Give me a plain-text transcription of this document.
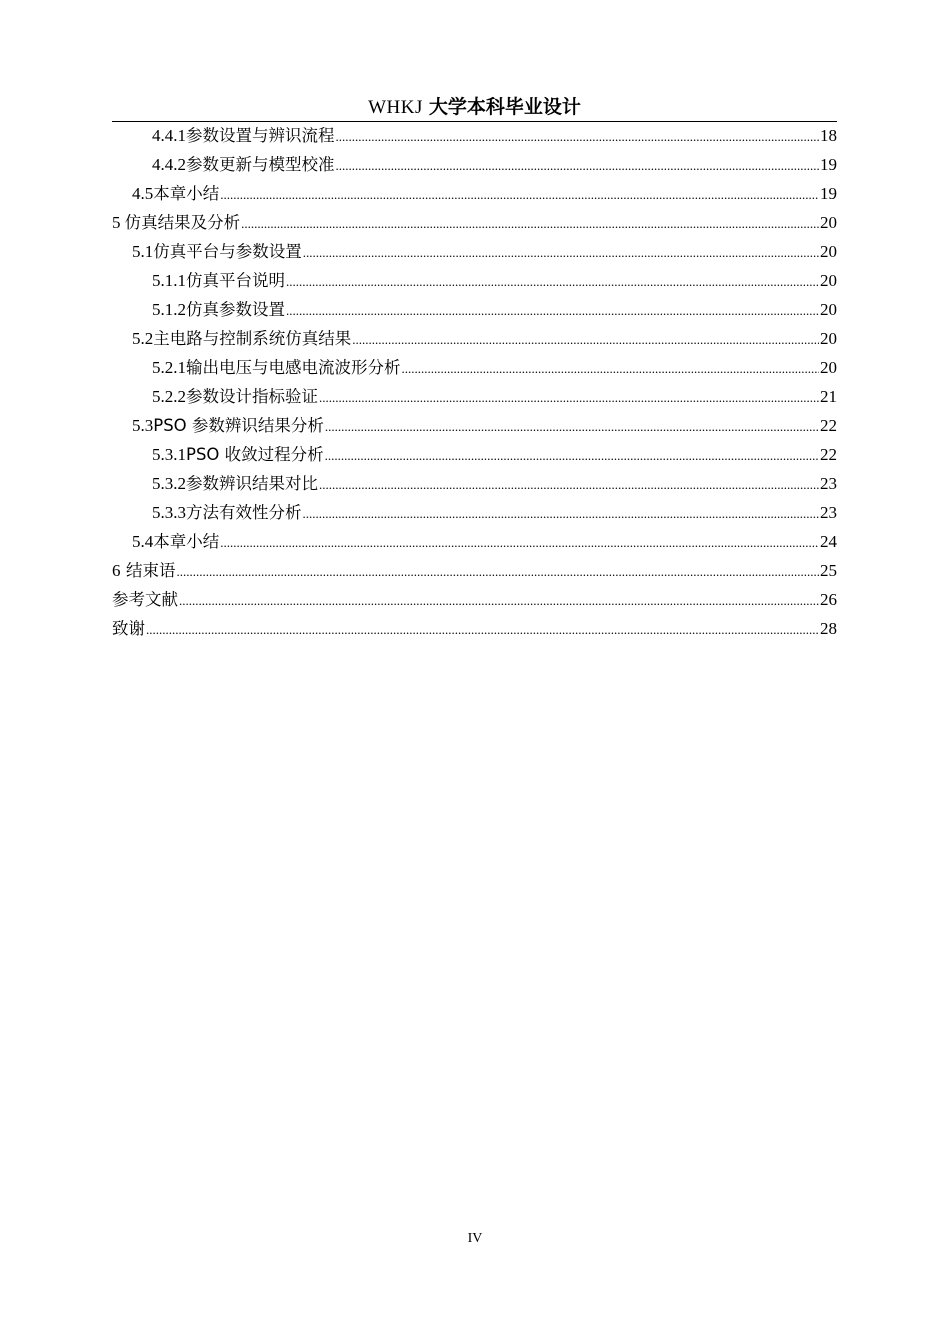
WHKJ 大学本科毕业设计
4.4.1 参数设置与辨识流程 .....	18
4.4.2 参数更新与模型校准 .....	19
4.5 本章小结 .....	19
5 仿真结果及分析 .....	20
5.1 仿真平台与参数设置 .....	20
5.1.1 仿真平台说明 .....	20
5.1.2 仿真参数设置 .....	20
5.2 主电路与控制系统仿真结果 .....	20
5.2.1 输出电压与电感电流波形分析 .....	20
5.2.2 参数设计指标验证 .....	21
5.3 PSO 参数辨识结果分析 .....	22
5.3.1 PSO 收敛过程分析 .....	22
5.3.2 参数辨识结果对比 .....	23
5.3.3 方法有效性分析 .....	23
5.4 本章小结 .....	24
6 结束语 .....	25
参考文献 .....	26
致谢 .....	28
IV
